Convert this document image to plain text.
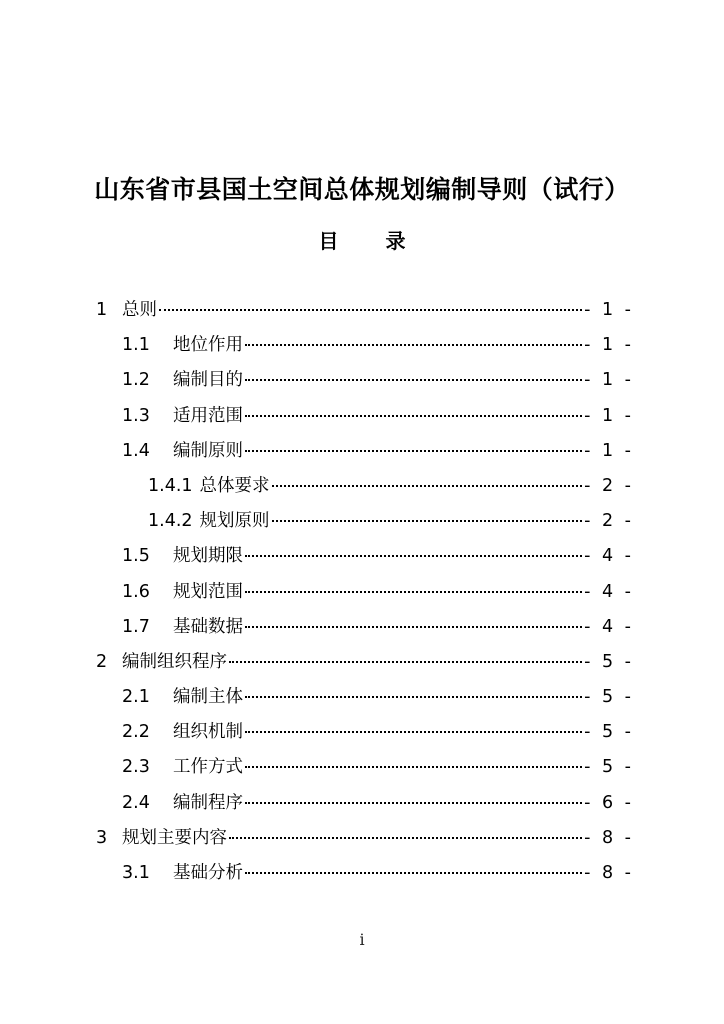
山东省市县国土空间总体规划编制导则（试行）
目 录
1 总则	- 1 -
1.1	地位作用	- 1 -
1.2	编制目的	- 1 -
1.3	适用范围	- 1 -
1.4	编制原则	- 1 -
1.4.1 总体要求	- 2 -
1.4.2 规划原则	- 2 -
1.5	规划期限	- 4 -
1.6	规划范围	- 4 -
1.7	基础数据	- 4 -
2 编制组织程序	- 5 -
2.1	编制主体	- 5 -
2.2	组织机制	- 5 -
2.3	工作方式	- 5 -
2.4	编制程序	- 6 -
3 规划主要内容	- 8 -
3.1	基础分析	- 8 -
i
